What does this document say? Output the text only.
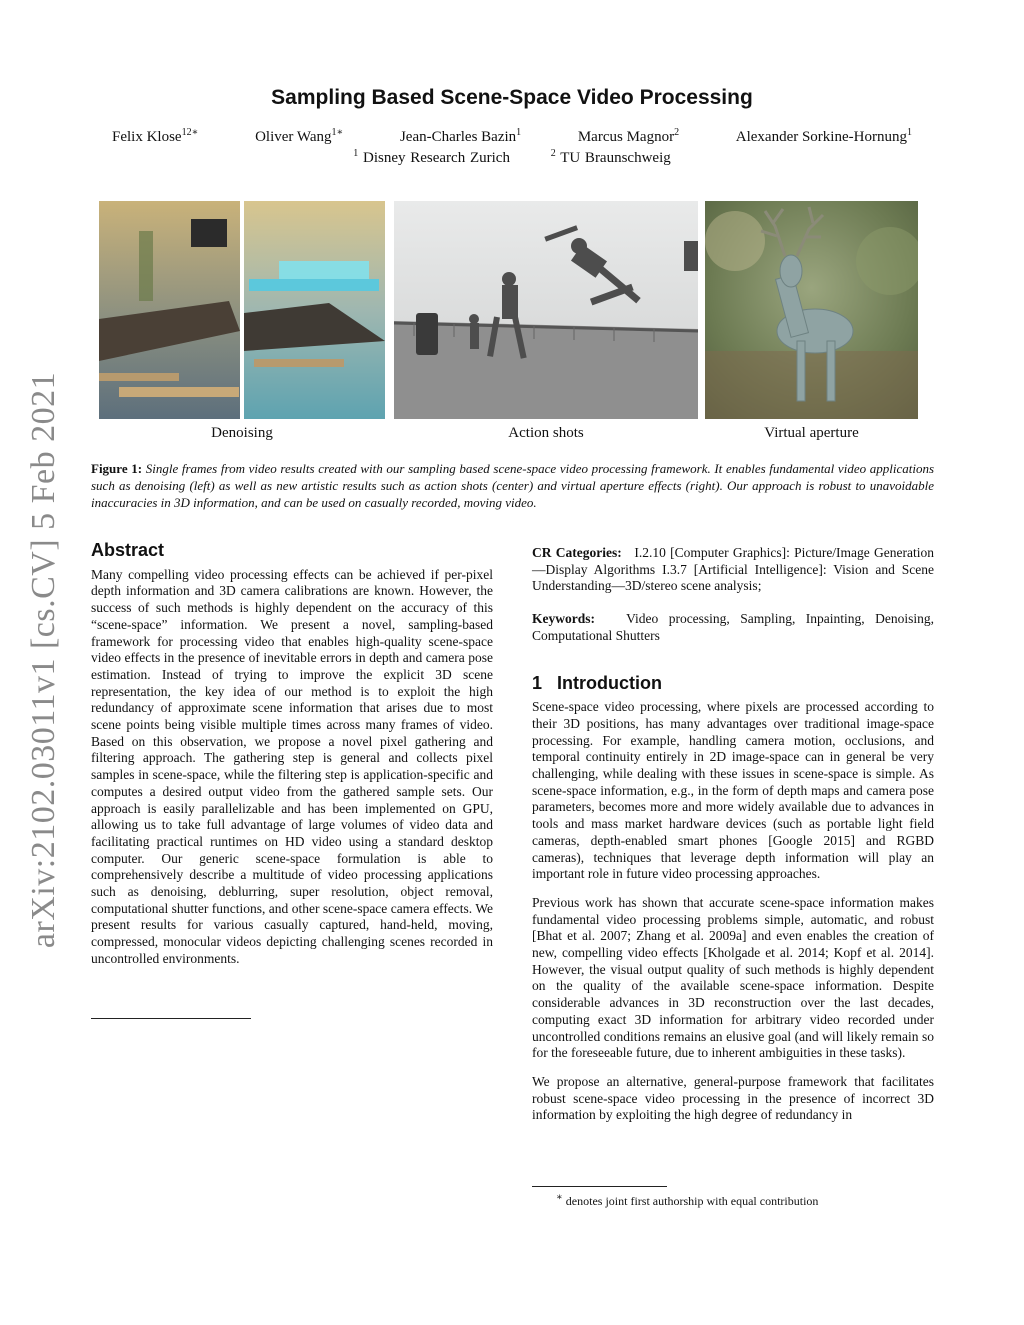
arXiv:2102.03011v1 [cs.CV] 5 Feb 2021
Sampling Based Scene-Space Video Processing
Felix Klose$^{12∗}$	Oliver Wang$^{1∗}$	Jean-Charles Bazin$^1$	Marcus Magnor$^2$	Alexander Sorkine-Hornung$^1$
$^1$ Disney Research Zurich	$^2$ TU Braunschweig
Denoising	Action shots	Virtual aperture
Figure 1: Single frames from video results created with our sampling based scene-space video processing framework. It enables fundamental video applications such as denoising (left) as well as new artistic results such as action shots (center) and virtual aperture effects (right). Our approach is robust to unavoidable inaccuracies in 3D information, and can be used on casually recorded, moving video.
Abstract

Many compelling video processing effects can be achieved if per-pixel depth information and 3D camera calibrations are known. However, the success of such methods is highly dependent on the accuracy of this “scene-space” information. We present a novel, sampling-based framework for processing video that enables high-quality scene-space video effects in the presence of inevitable errors in depth and camera pose estimation. Instead of trying to improve the explicit 3D scene representation, the key idea of our method is to exploit the high redundancy of approximate scene information that arises due to most scene points being visible multiple times across many frames of video. Based on this observation, we propose a novel pixel gathering and filtering approach. The gathering step is general and collects pixel samples in scene-space, while the filtering step is application-specific and computes a desired output video from the gathered sample sets. Our approach is easily parallelizable and has been implemented on GPU, allowing us to take full advantage of large volumes of video data and facilitating practical runtimes on HD video using a standard desktop computer. Our generic scene-space formulation is able to comprehensively describe a multitude of video processing applications such as denoising, deblurring, super resolution, object removal, computational shutter functions, and other scene-space camera effects. We present results for various casually captured, hand-held, moving, compressed, monocular videos depicting challenging scenes recorded in uncontrolled environments.

CR Categories: I.2.10 [Computer Graphics]: Picture/Image Generation—Display Algorithms I.3.7 [Artificial Intelligence]: Vision and Scene Understanding—3D/stereo scene analysis;

Keywords: Video processing, Sampling, Inpainting, Denoising, Computational Shutters

1 Introduction

Scene-space video processing, where pixels are processed according to their 3D positions, has many advantages over traditional image-space processing. For example, handling camera motion, occlusions, and temporal continuity entirely in 2D image-space can in general be very challenging, while dealing with these issues in scene-space is simple. As scene-space information, e.g., in the form of depth maps and camera pose parameters, becomes more and more widely available due to advances in tools and mass market hardware devices (such as portable light field cameras, depth-enabled smart phones [Google 2015] and RGBD cameras), techniques that leverage depth information will play an important role in future video processing approaches.

Previous work has shown that accurate scene-space information makes fundamental video processing problems simple, automatic, and robust [Bhat et al. 2007; Zhang et al. 2009a] and even enables the creation of new, compelling video effects [Kholgade et al. 2014; Kopf et al. 2014]. However, the visual output quality of such methods is highly dependent on the quality of the available scene-space information. Despite considerable advances in 3D reconstruction over the last decades, computing exact 3D information for arbitrary video recorded under uncontrolled conditions remains an elusive goal (and will likely remain so for the foreseeable future, due to inherent ambiguities in these tasks).

We propose an alternative, general-purpose framework that facilitates robust scene-space video processing in the presence of incorrect 3D information by exploiting the high degree of redundancy in

∗ denotes joint first authorship with equal contribution
